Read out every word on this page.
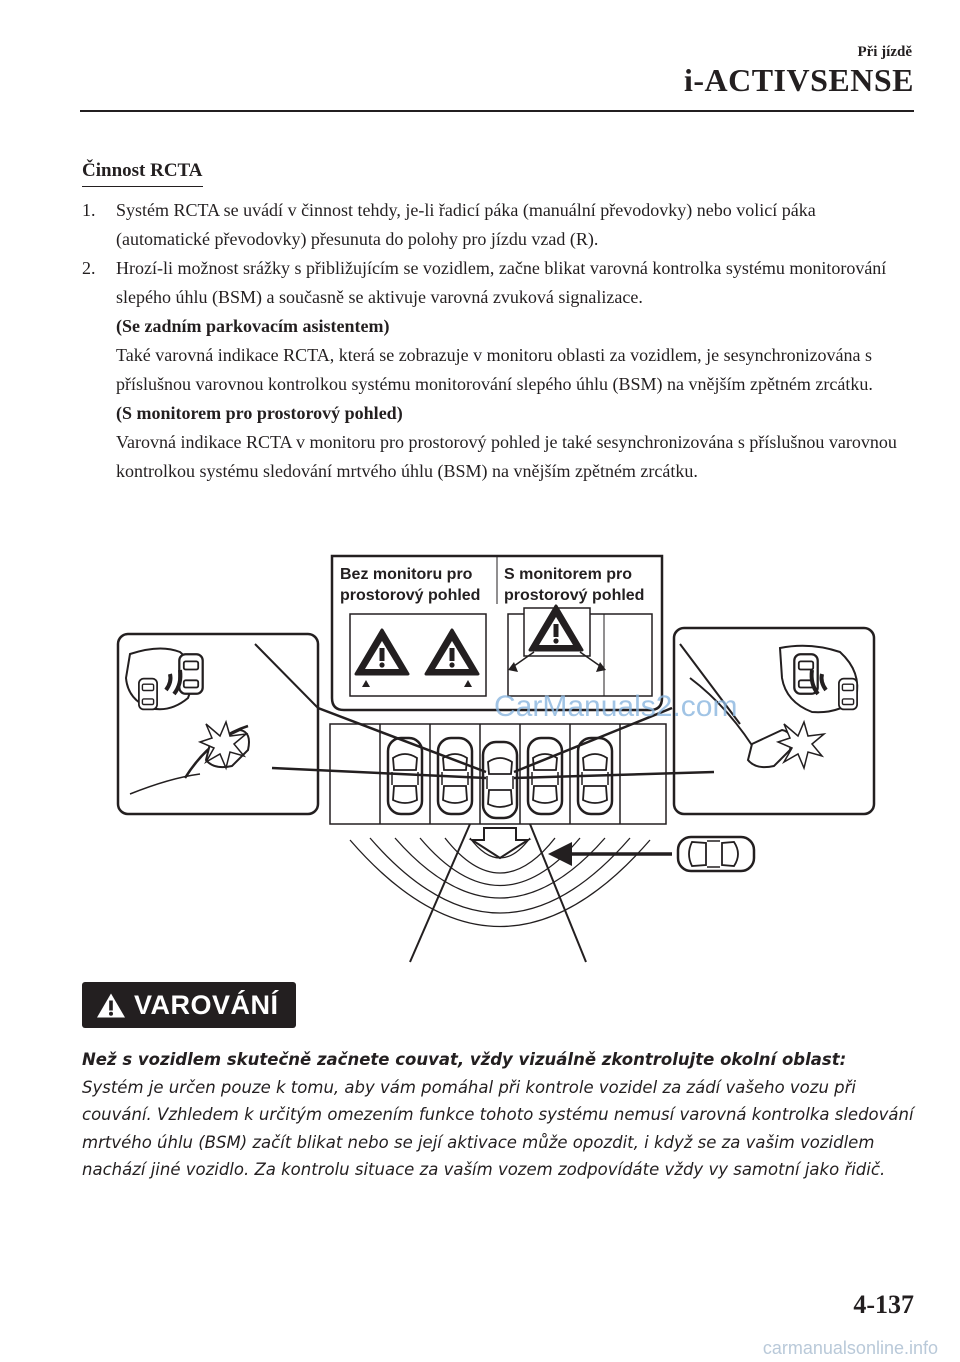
Při jízdě
i-ACTIVSENSE
Činnost RCTA
1. Systém RCTA se uvádí v činnost tehdy, je-li řadicí páka (manuální převodovky) nebo volicí páka (automatické převodovky) přesunuta do polohy pro jízdu vzad (R).
2. Hrozí-li možnost srážky s přibližujícím se vozidlem, začne blikat varovná kontrolka systému monitorování slepého úhlu (BSM) a současně se aktivuje varovná zvuková signalizace.
(Se zadním parkovacím asistentem)
Také varovná indikace RCTA, která se zobrazuje v monitoru oblasti za vozidlem, je sesynchronizována s příslušnou varovnou kontrolkou systému monitorování slepého úhlu (BSM) na vnějším zpětném zrcátku.
(S monitorem pro prostorový pohled)
Varovná indikace RCTA v monitoru pro prostorový pohled je také sesynchronizována s příslušnou varovnou kontrolkou systému sledování mrtvého úhlu (BSM) na vnějším zpětném zrcátku.
Bez monitoru pro
prostorový pohled
S monitorem pro
prostorový pohled
CarManuals2.com
VAROVÁNÍ
Než s vozidlem skutečně začnete couvat, vždy vizuálně zkontrolujte okolní oblast:
Systém je určen pouze k tomu, aby vám pomáhal při kontrole vozidel za zádí vašeho vozu při couvání. Vzhledem k určitým omezením funkce tohoto systému nemusí varovná kontrolka sledování mrtvého úhlu (BSM) začít blikat nebo se její aktivace může opozdit, i když se za vašim vozidlem nachází jiné vozidlo. Za kontrolu situace za vaším vozem zodpovídáte vždy vy samotní jako řidič.
4-137
carmanualsonline.info
